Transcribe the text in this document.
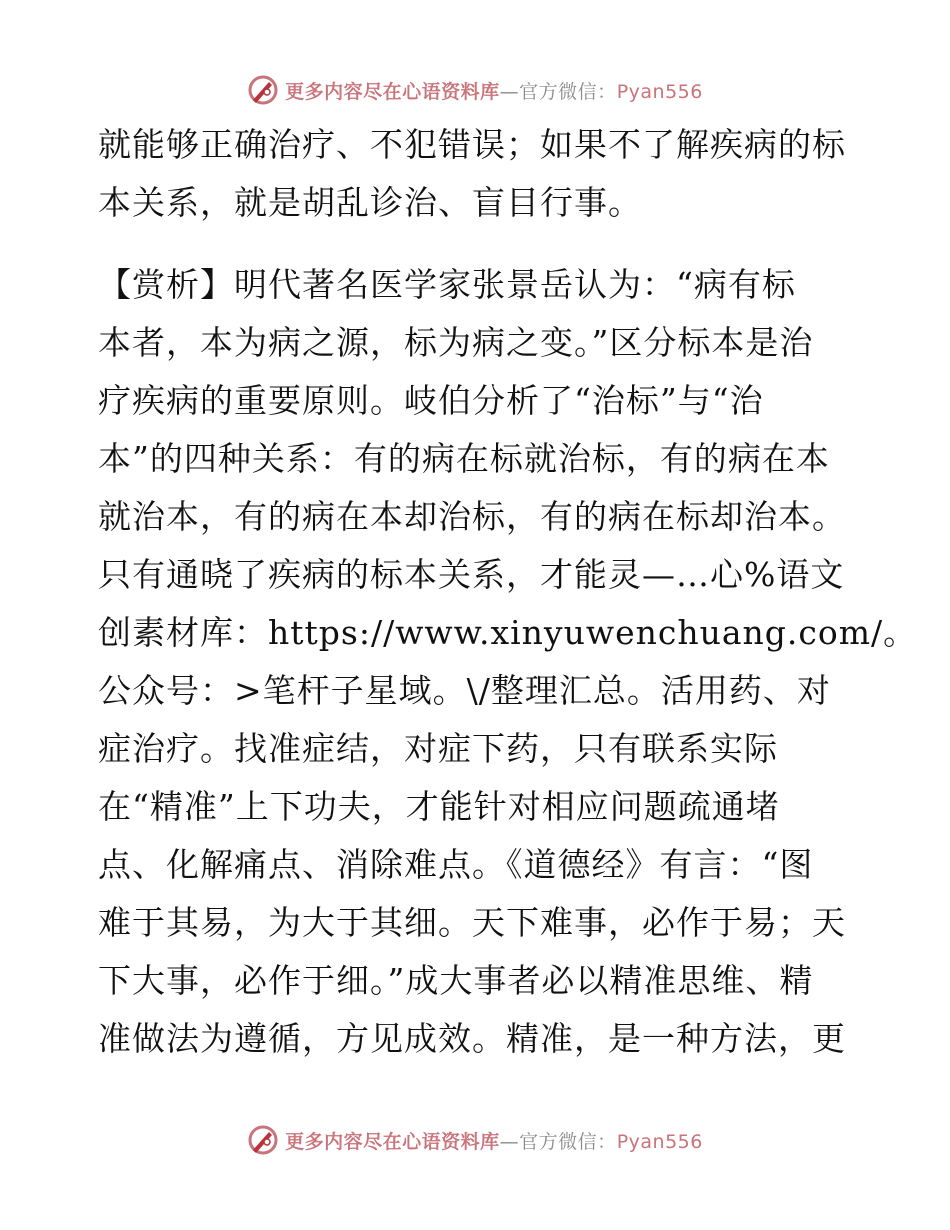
更多内容尽在心语资料库—官方微信：Pyan556

就能够正确治疗、不犯错误；如果不了解疾病的标
本关系，就是胡乱诊治、盲目行事。

【赏析】明代著名医学家张景岳认为：“病有标
本者，本为病之源，标为病之变。”区分标本是治
疗疾病的重要原则。岐伯分析了“治标”与“治
本”的四种关系：有的病在标就治标，有的病在本
就治本，有的病在本却治标，有的病在标却治本。
只有通晓了疾病的标本关系，才能灵—…心%语文
创素材库：https://www.xinyuwenchuang.com/。
公众号：>笔杆子星域。\/整理汇总。活用药、对
症治疗。找准症结，对症下药，只有联系实际
在“精准”上下功夫，才能针对相应问题疏通堵
点、化解痛点、消除难点。《道德经》有言：“图
难于其易，为大于其细。天下难事，必作于易；天
下大事，必作于细。”成大事者必以精准思维、精
准做法为遵循，方见成效。精准，是一种方法，更

更多内容尽在心语资料库—官方微信：Pyan556
